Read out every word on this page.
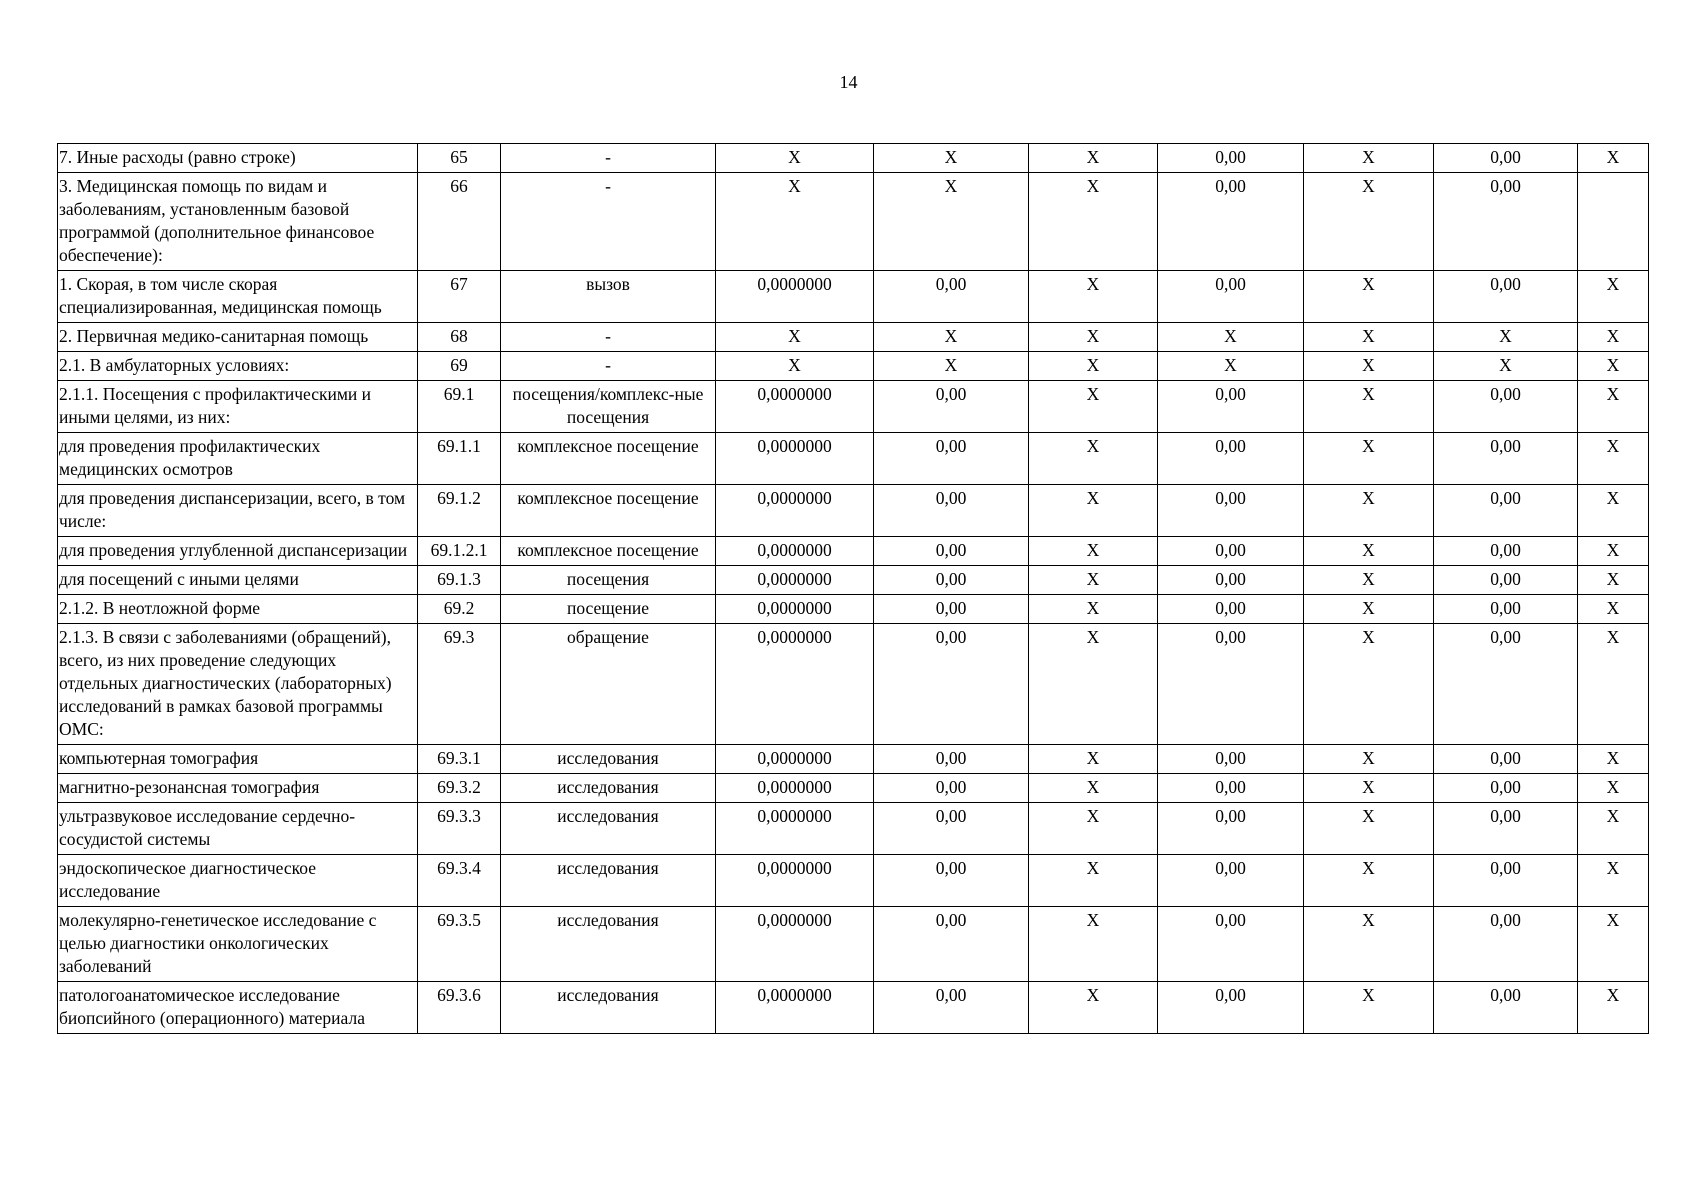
14
7. Иные расходы (равно строке)	65	-	X	X	X	0,00	X	0,00	X
3. Медицинская помощь по видам и заболеваниям, установленным базовой программой (дополнительное финансовое обеспечение):	66	-	X	X	X	0,00	X	0,00	
1. Скорая, в том числе скорая специализированная, медицинская помощь	67	вызов	0,0000000	0,00	X	0,00	X	0,00	X
2. Первичная медико-санитарная помощь	68	-	X	X	X	X	X	X	X
2.1. В амбулаторных условиях:	69	-	X	X	X	X	X	X	X
2.1.1. Посещения с профилактическими и иными целями, из них:	69.1	посещения/комплекс-ные посещения	0,0000000	0,00	X	0,00	X	0,00	X
для проведения профилактических медицинских осмотров	69.1.1	комплексное посещение	0,0000000	0,00	X	0,00	X	0,00	X
для проведения диспансеризации, всего, в том числе:	69.1.2	комплексное посещение	0,0000000	0,00	X	0,00	X	0,00	X
для проведения углубленной диспансеризации	69.1.2.1	комплексное посещение	0,0000000	0,00	X	0,00	X	0,00	X
для посещений с иными целями	69.1.3	посещения	0,0000000	0,00	X	0,00	X	0,00	X
2.1.2. В неотложной форме	69.2	посещение	0,0000000	0,00	X	0,00	X	0,00	X
2.1.3. В связи с заболеваниями (обращений), всего, из них проведение следующих отдельных диагностических (лабораторных) исследований в рамках базовой программы ОМС:	69.3	обращение	0,0000000	0,00	X	0,00	X	0,00	X
компьютерная томография	69.3.1	исследования	0,0000000	0,00	X	0,00	X	0,00	X
магнитно-резонансная томография	69.3.2	исследования	0,0000000	0,00	X	0,00	X	0,00	X
ультразвуковое исследование сердечно-сосудистой системы	69.3.3	исследования	0,0000000	0,00	X	0,00	X	0,00	X
эндоскопическое диагностическое исследование	69.3.4	исследования	0,0000000	0,00	X	0,00	X	0,00	X
молекулярно-генетическое исследование с целью диагностики онкологических заболеваний	69.3.5	исследования	0,0000000	0,00	X	0,00	X	0,00	X
патологоанатомическое исследование биопсийного (операционного) материала	69.3.6	исследования	0,0000000	0,00	X	0,00	X	0,00	X
